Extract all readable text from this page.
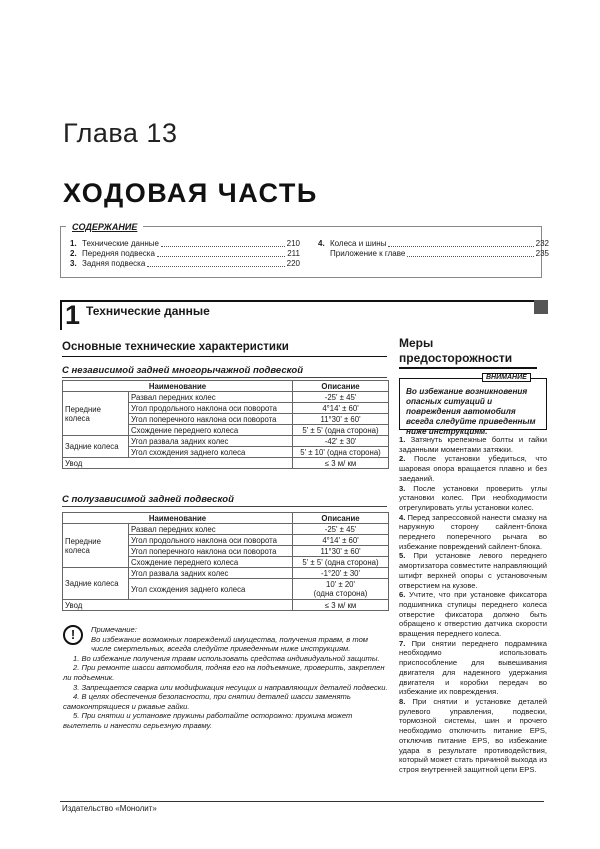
Глава 13
ХОДОВАЯ ЧАСТЬ
СОДЕРЖАНИЕ
1. Технические данные	210
2. Передняя подвеска	211
3. Задняя подвеска	220
4. Колеса и шины	232
Приложение к главе	235
1 Технические данные
Основные технические характеристики
С независимой задней многорычажной подвеской
Наименование		Описание
Передние колеса	Развал передних колес	-25' ± 45'
	Угол продольного наклона оси поворота	4°14' ± 60'
	Угол поперечного наклона оси поворота	11°30' ± 60'
	Схождение переднего колеса	5' ± 5' (одна сторона)
Задние колеса	Угол развала задних колес	-42' ± 30'
	Угол схождения заднего колеса	5' ± 10' (одна сторона)
Увод		≤ 3 м/ км
С полузависимой задней подвеской
Наименование		Описание
Передние колеса	Развал передних колес	-25' ± 45'
	Угол продольного наклона оси поворота	4°14' ± 60'
	Угол поперечного наклона оси поворота	11°30' ± 60'
	Схождение переднего колеса	5' ± 5' (одна сторона)
Задние колеса	Угол развала задних колес	-1°20' ± 30'
	Угол схождения заднего колеса	10' ± 20'
(одна сторона)

Увод		≤ 3 м/ км
!	Примечание:

Во избежание возможных повреждений имущества, получения травм, в том числе смертельных, всегда следуйте приведенным ниже инструкциям.

1. Во избежание получения травм использовать средства индивидуальной защиты.

2. При ремонте шасси автомобиля, подняв его на подъемнике, проверить, закреплен ли подъемник.

3. Запрещается сварка или модификация несущих и направляющих деталей подвески.

4. В целях обеспечения безопасности, при снятии деталей шасси заменять самоконтрящиеся и ржавые гайки.

5. При снятии и установке пружины работайте осторожно: пружина может вылететь и нанести серьезную травму.

Меры
предосторожности
ВНИМАНИЕ
Во избежание возникновения опасных ситуаций и повреждения автомобиля всегда следуйте приведенным ниже инструкциям.

1. Затянуть крепежные болты и гайки заданными моментами затяжки.

2. После установки убедиться, что шаровая опора вращается плавно и без заеданий.

3. После установки проверить углы установки колес. При необходимости отрегулировать углы установки колес.

4. Перед запрессовкой нанести смазку на наружную сторону сайлент-блока переднего поперечного рычага во избежание повреждений сайлент-блока.

5. При установке левого переднего амортизатора совместите направляющий штифт верхней опоры с установочным отверстием на кузове.

6. Учтите, что при установке фиксатора подшипника ступицы переднего колеса отверстие фиксатора должно быть обращено к отверстию датчика скорости вращения переднего колеса.

7. При снятии переднего подрамника необходимо использовать приспособление для вывешивания двигателя для надежного удержания двигателя и коробки передач во избежание их повреждения.

8. При снятии и установке деталей рулевого управления, подвески, тормозной системы, шин и прочего необходимо отключить питание EPS, отключив питание EPS, во избежание удара в результате противодействия, который может стать причиной выхода из строя внутренней защитной цепи EPS.

Издательство «Монолит»
